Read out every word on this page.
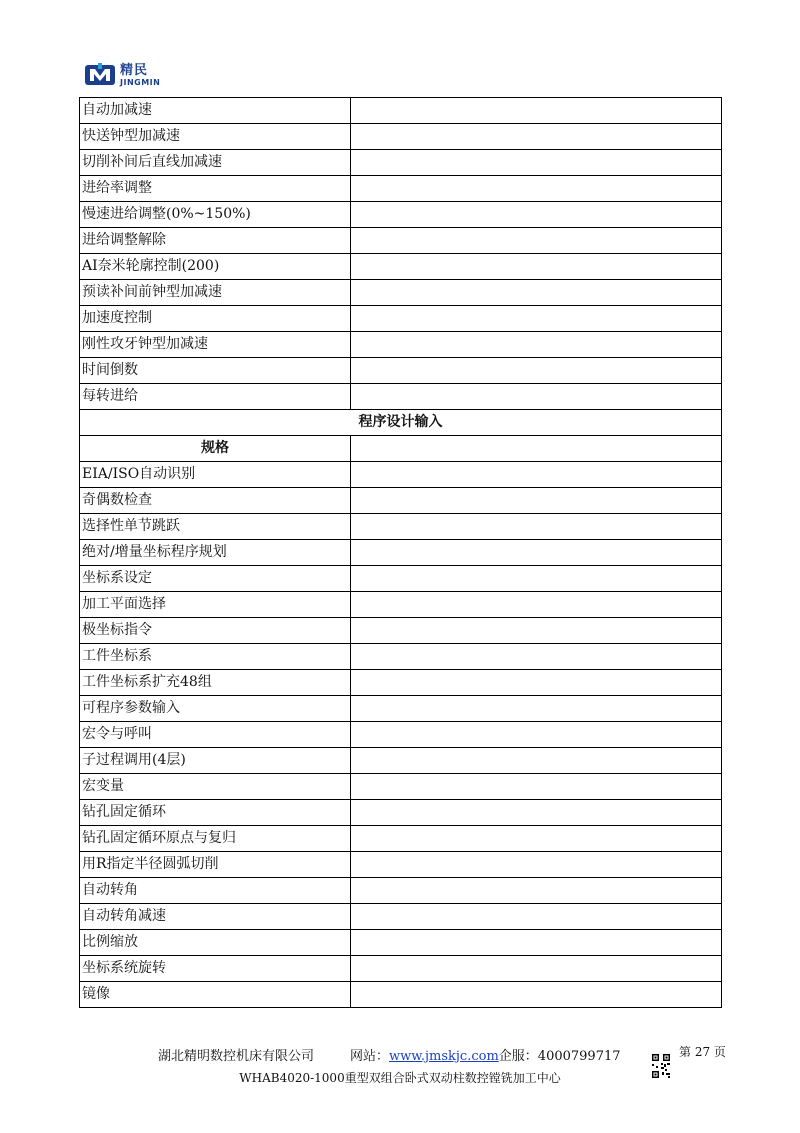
精民
JINGMIN
自动加减速	
快送钟型加减速	
切削补间后直线加减速	
进给率调整	
慢速进给调整(0%~150%)	
进给调整解除	
AI奈米轮廓控制(200)	
预读补间前钟型加减速	
加速度控制	
刚性攻牙钟型加减速	
时间倒数	
每转进给	
程序设计输入	
规格	
EIA/ISO自动识别	
奇偶数检查	
选择性单节跳跃	
绝对/增量坐标程序规划	
坐标系设定	
加工平面选择	
极坐标指令	
工件坐标系	
工件坐标系扩充48组	
可程序参数输入	
宏令与呼叫	
子过程调用(4层)	
宏变量	
钻孔固定循环	
钻孔固定循环原点与复归	
用R指定半径圆弧切削	
自动转角	
自动转角减速	
比例缩放	
坐标系统旋转	
镜像	
湖北精明数控机床有限公司	网站：www.jmskjc.com企服：4000799717	第 27 页
WHAB4020-1000重型双组合卧式双动柱数控镗铣加工中心
